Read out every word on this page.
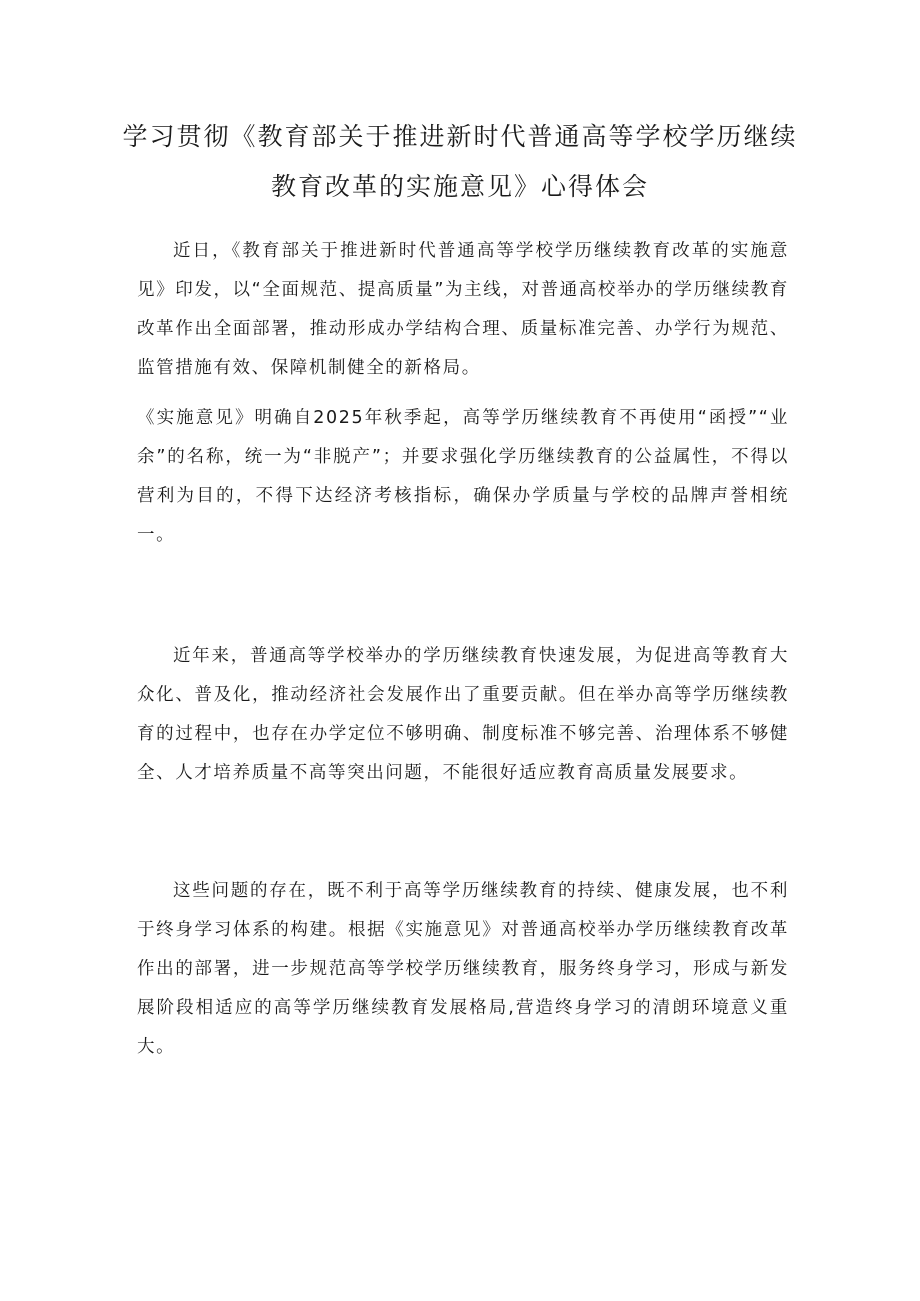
学习贯彻《教育部关于推进新时代普通高等学校学历继续
教育改革的实施意见》心得体会

近日，《教育部关于推进新时代普通高等学校学历继续教育改革的实施意见》印发，以“全面规范、提高质量”为主线，对普通高校举办的学历继续教育改革作出全面部署，推动形成办学结构合理、质量标准完善、办学行为规范、监管措施有效、保障机制健全的新格局。

《实施意见》明确自2025年秋季起，高等学历继续教育不再使用“函授”“业余”的名称，统一为“非脱产”；并要求强化学历继续教育的公益属性，不得以营利为目的，不得下达经济考核指标，确保办学质量与学校的品牌声誉相统一。

近年来，普通高等学校举办的学历继续教育快速发展，为促进高等教育大众化、普及化，推动经济社会发展作出了重要贡献。但在举办高等学历继续教育的过程中，也存在办学定位不够明确、制度标准不够完善、治理体系不够健全、人才培养质量不高等突出问题，不能很好适应教育高质量发展要求。

这些问题的存在，既不利于高等学历继续教育的持续、健康发展，也不利于终身学习体系的构建。根据《实施意见》对普通高校举办学历继续教育改革作出的部署，进一步规范高等学校学历继续教育，服务终身学习，形成与新发展阶段相适应的高等学历继续教育发展格局,营造终身学习的清朗环境意义重大。
